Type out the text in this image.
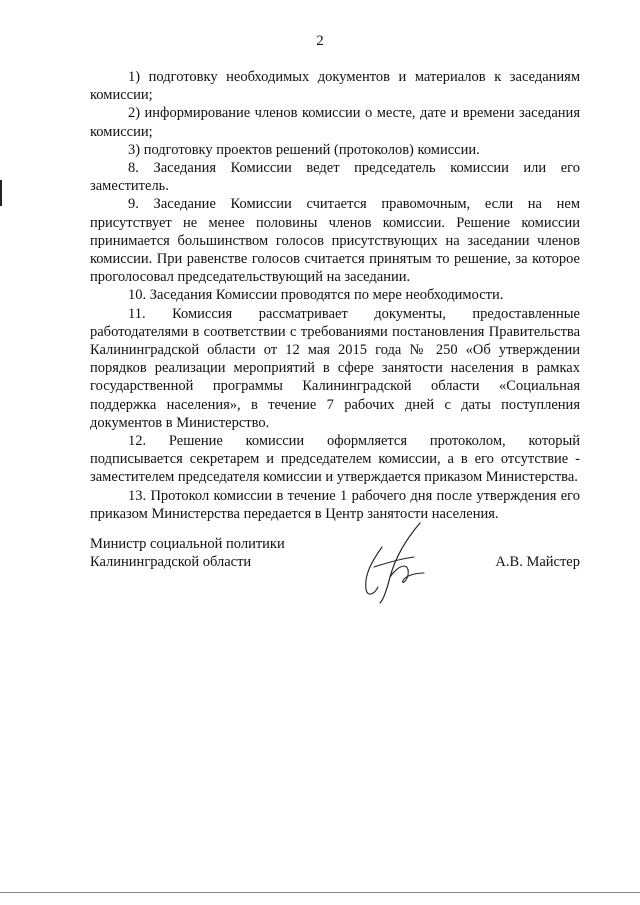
2

1) подготовку необходимых документов и материалов к заседаниям комиссии;

2) информирование членов комиссии о месте, дате и времени заседания комиссии;

3) подготовку проектов решений (протоколов) комиссии.

8. Заседания Комиссии ведет председатель комиссии или его заместитель.

9. Заседание Комиссии считается правомочным, если на нем присутствует не менее половины членов комиссии. Решение комиссии принимается большинством голосов присутствующих на заседании членов комиссии. При равенстве голосов считается принятым то решение, за которое проголосовал председательствующий на заседании.

10. Заседания Комиссии проводятся по мере необходимости.

11. Комиссия рассматривает документы, предоставленные работодателями в соответствии с требованиями постановления Правительства Калининградской области от 12 мая 2015 года № 250 «Об утверждении порядков реализации мероприятий в сфере занятости населения в рамках государственной программы Калининградской области «Социальная поддержка населения», в течение 7 рабочих дней с даты поступления документов в Министерство.

12. Решение комиссии оформляется протоколом, который подписывается секретарем и председателем комиссии, а в его отсутствие - заместителем председателя комиссии и утверждается приказом Министерства.

13. Протокол комиссии в течение 1 рабочего дня после утверждения его приказом Министерства передается в Центр занятости населения.

Министр социальной политики
Калининградской области	А.В. Майстер
